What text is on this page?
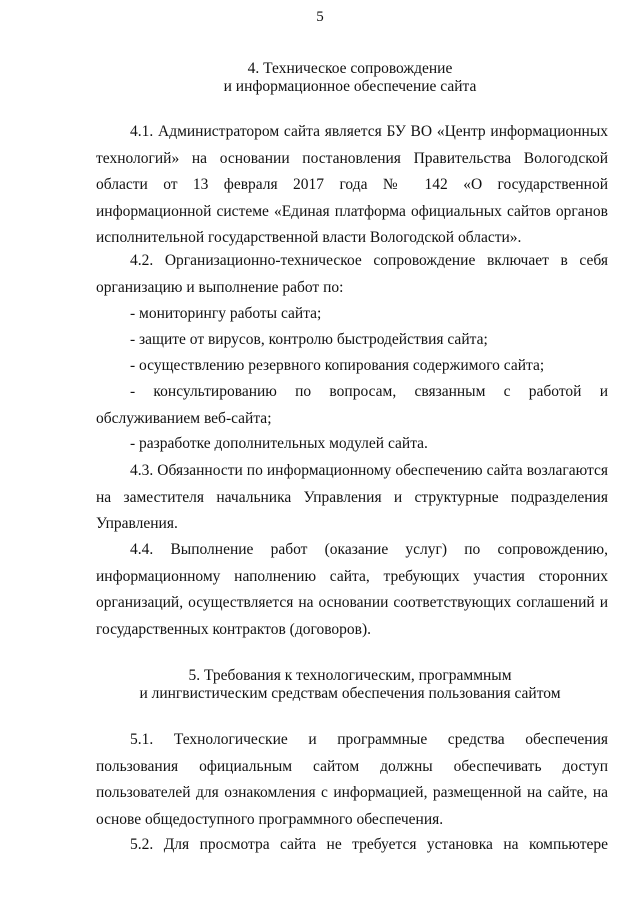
5
4. Техническое сопровождение
и информационное обеспечение сайта
4.1. Администратором сайта является БУ ВО «Центр информационных технологий» на основании постановления Правительства Вологодской области от 13 февраля 2017 года № 142 «О государственной информационной системе «Единая платформа официальных сайтов органов исполнительной государственной власти Вологодской области».
4.2. Организационно-техническое сопровождение включает в себя организацию и выполнение работ по:
- мониторингу работы сайта;
- защите от вирусов, контролю быстродействия сайта;
- осуществлению резервного копирования содержимого сайта;
- консультированию по вопросам, связанным с работой и обслуживанием веб-сайта;
- разработке дополнительных модулей сайта.
4.3. Обязанности по информационному обеспечению сайта возлагаются на заместителя начальника Управления и структурные подразделения Управления.
4.4. Выполнение работ (оказание услуг) по сопровождению, информационному наполнению сайта, требующих участия сторонних организаций, осуществляется на основании соответствующих соглашений и государственных контрактов (договоров).
5. Требования к технологическим, программным
и лингвистическим средствам обеспечения пользования сайтом
5.1. Технологические и программные средства обеспечения пользования официальным сайтом должны обеспечивать доступ пользователей для ознакомления с информацией, размещенной на сайте, на основе общедоступного программного обеспечения.
5.2. Для просмотра сайта не требуется установка на компьютере
